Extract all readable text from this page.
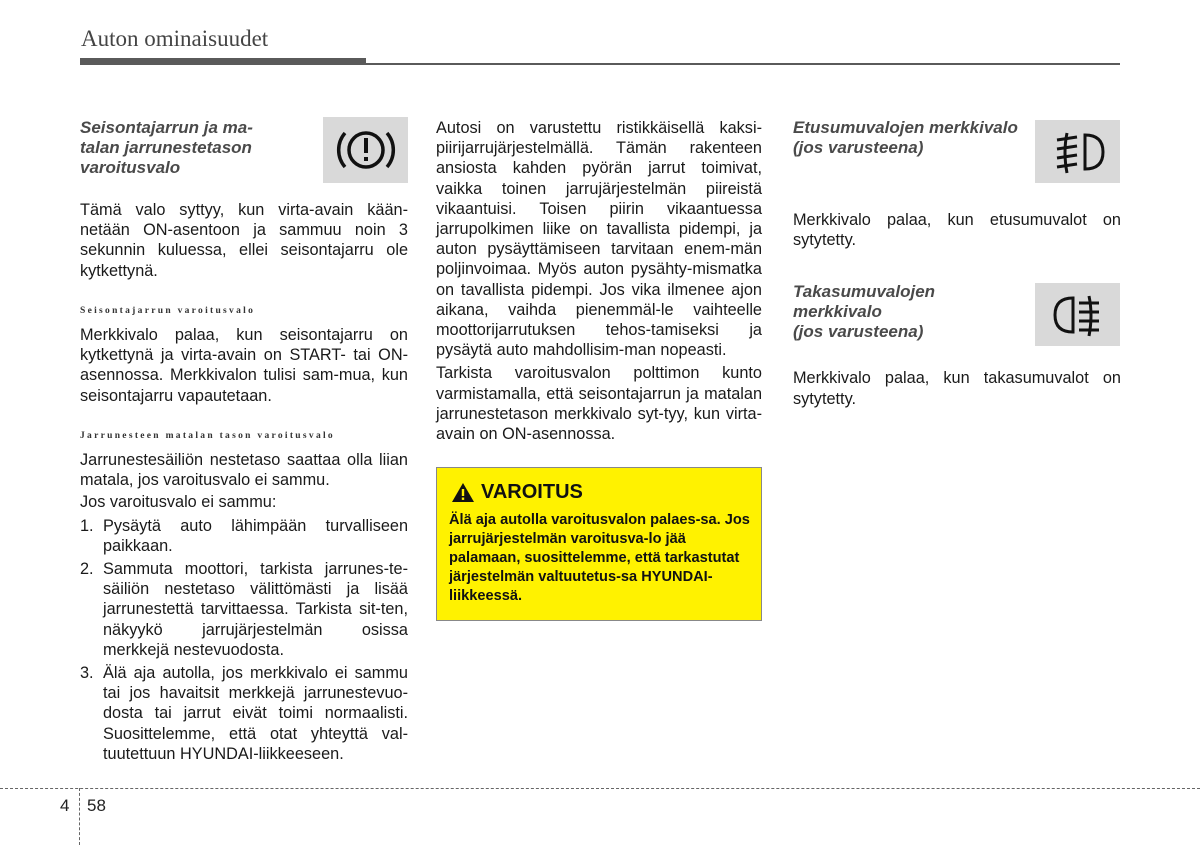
Auton ominaisuudet

Seisontajarrun ja ma-

talan jarrunestetason

varoitusvalo

Tämä valo syttyy, kun virta-avain kään-netään ON-asentoon ja sammuu noin 3 sekunnin kuluessa, ellei seisontajarru ole kytkettynä.

Seisontajarrun varoitusvalo

Merkkivalo palaa, kun seisontajarru on kytkettynä ja virta-avain on START- tai ON-asennossa. Merkkivalon tulisi sam-mua, kun seisontajarru vapautetaan.

Jarrunesteen matalan tason varoitusvalo

Jarrunestesäiliön nestetaso saattaa olla liian matala, jos varoitusvalo ei sammu.

Jos varoitusvalo ei sammu:

1. Pysäytä auto lähimpään turvalliseen paikkaan.
2. Sammuta moottori, tarkista jarrunes-te-säiliön nestetaso välittömästi ja lisää jarrunestettä tarvittaessa. Tarkista sit-ten, näkyykö jarrujärjestelmän osissa merkkejä nestevuodosta.
3. Älä aja autolla, jos merkkivalo ei sammu tai jos havaitsit merkkejä jarrunestevuo-dosta tai jarrut eivät toimi normaalisti. Suosittelemme, että otat yhteyttä val-tuutettuun HYUNDAI-liikkeeseen.

Autosi on varustettu ristikkäisellä kaksi-piirijarrujärjestelmällä. Tämän rakenteen ansiosta kahden pyörän jarrut toimivat, vaikka toinen jarrujärjestelmän piireistä vikaantuisi. Toisen piirin vikaantuessa jarrupolkimen liike on tavallista pidempi, ja auton pysäyttämiseen tarvitaan enem-män poljinvoimaa. Myös auton pysähty-mismatka on tavallista pidempi. Jos vika ilmenee ajon aikana, vaihda pienemmäl-le vaihteelle moottorijarrutuksen tehos-tamiseksi ja pysäytä auto mahdollisim-man nopeasti.

Tarkista varoitusvalon polttimon kunto varmistamalla, että seisontajarrun ja matalan jarrunestetason merkkivalo syt-tyy, kun virta-avain on ON-asennossa.

VAROITUS

Älä aja autolla varoitusvalon palaes-sa. Jos jarrujärjestelmän varoitusva-lo jää palamaan, suosittelemme, että tarkastutat järjestelmän valtuutetus-sa HYUNDAI-liikkeessä.

Etusumuvalojen merkkivalo

(jos varusteena)

Merkkivalo palaa, kun etusumuvalot on sytytetty.

Takasumuvalojen

merkkivalo

(jos varusteena)

Merkkivalo palaa, kun takasumuvalot on sytytetty.

4 58
